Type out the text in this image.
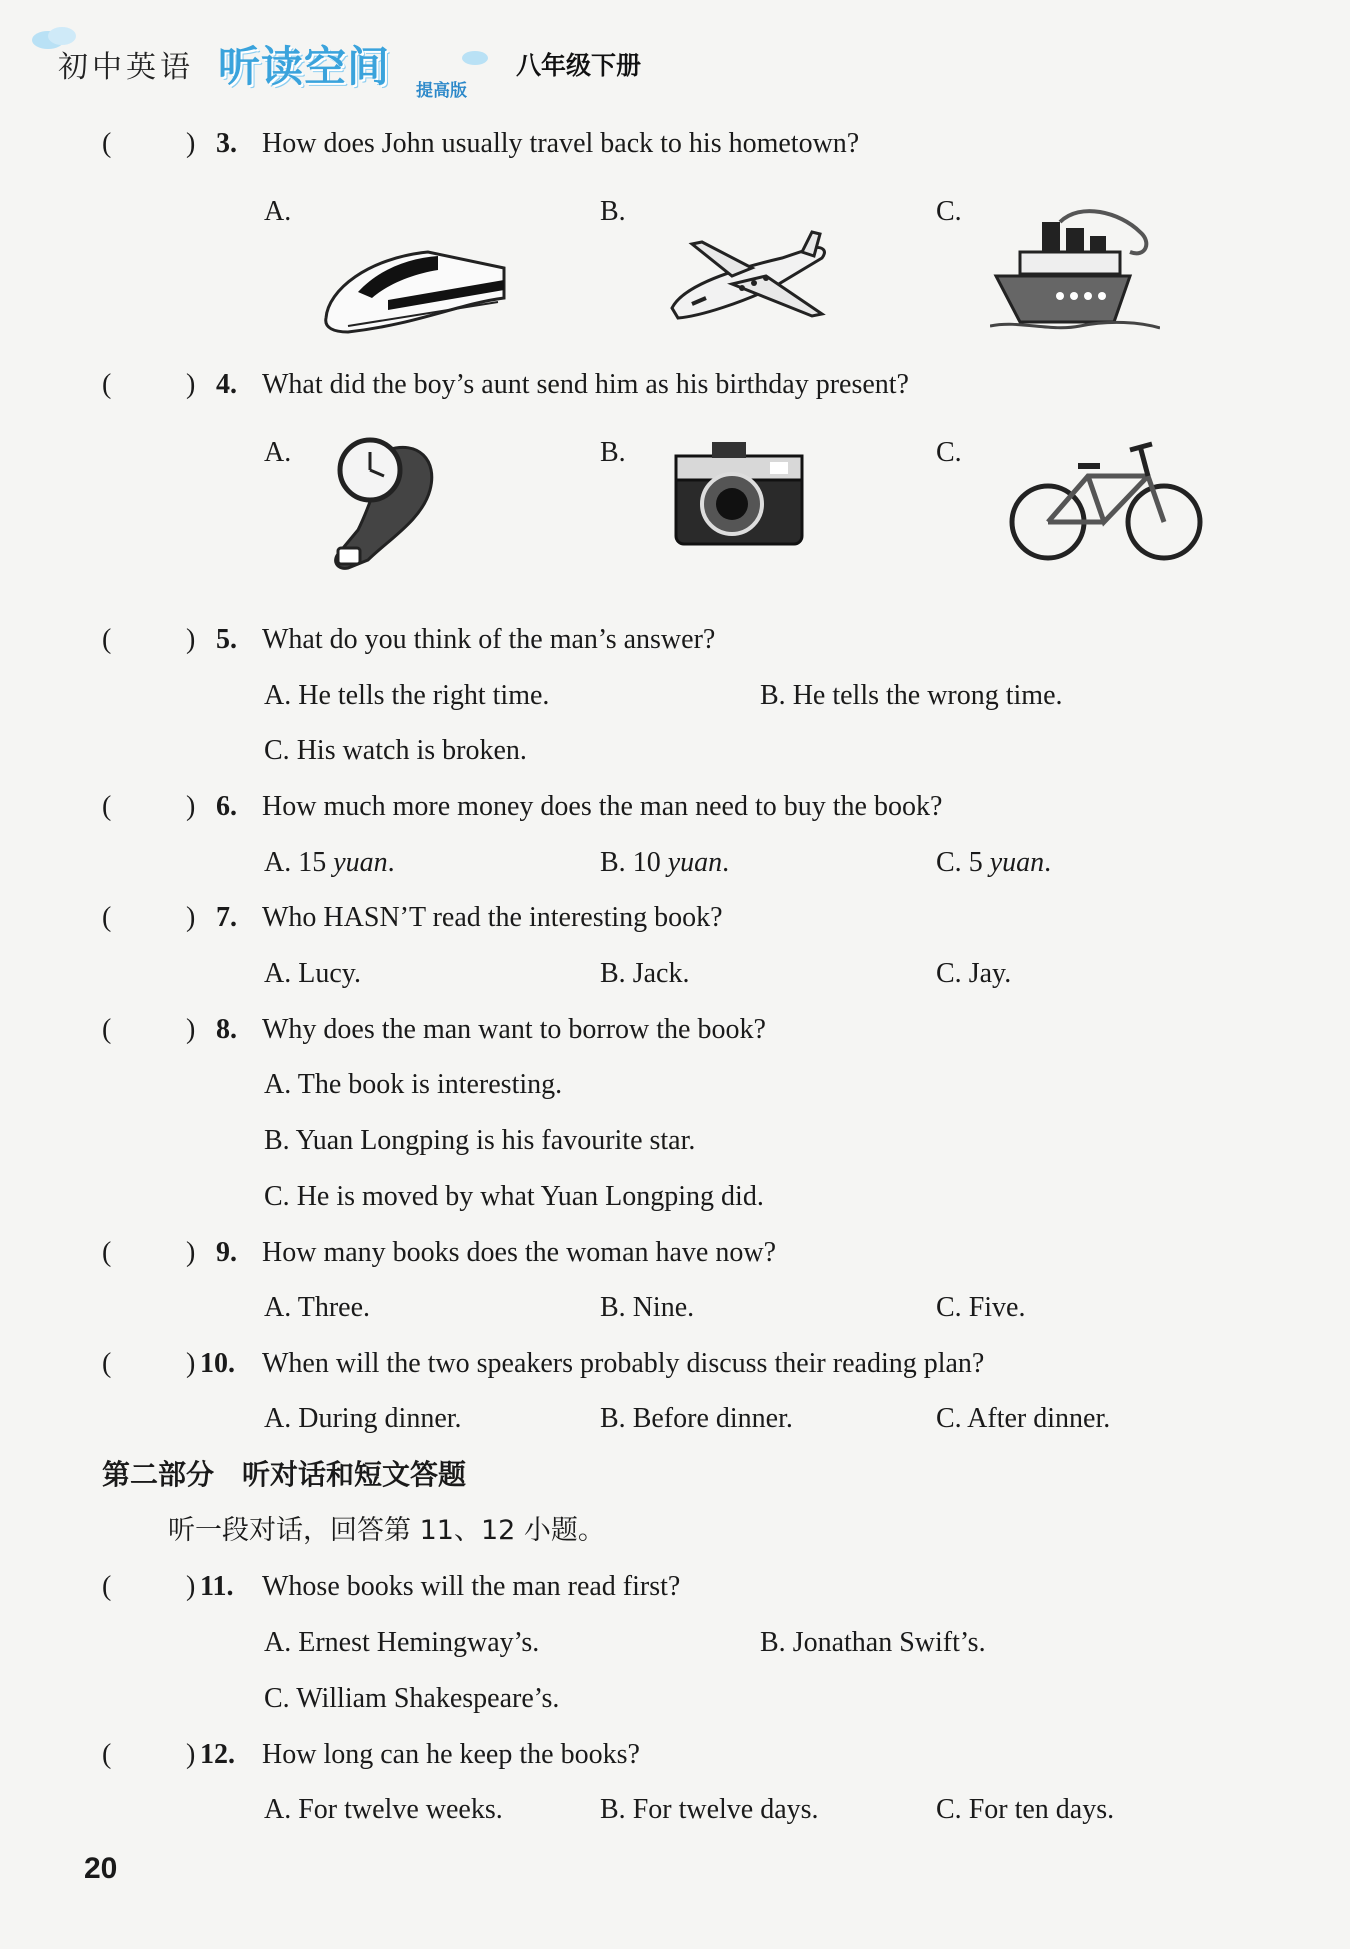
初中英语 听读空间 提高版
八年级下册
(	) 3. How does John usually travel back to his hometown?
A.	B.	C.
(	) 4. What did the boy’s aunt send him as his birthday present?
A.	B.	C.
(	) 5. What do you think of the man’s answer?
A. He tells the right time.	B. He tells the wrong time.
C. His watch is broken.
(	) 6. How much more money does the man need to buy the book?
A. 15 yuan.	B. 10 yuan.	C. 5 yuan.
(	) 7. Who HASN’T read the interesting book?
A. Lucy.	B. Jack.	C. Jay.
(	) 8. Why does the man want to borrow the book?
A. The book is interesting.
B. Yuan Longping is his favourite star.
C. He is moved by what Yuan Longping did.
(	) 9. How many books does the woman have now?
A. Three.	B. Nine.	C. Five.
(	) 10. When will the two speakers probably discuss their reading plan?
A. During dinner.	B. Before dinner.	C. After dinner.
第二部分　听对话和短文答题
听一段对话，回答第 11、12 小题。
(	) 11. Whose books will the man read first?
A. Ernest Hemingway’s.	B. Jonathan Swift’s.
C. William Shakespeare’s.
(	) 12. How long can he keep the books?
A. For twelve weeks.	B. For twelve days.	C. For ten days.
20
